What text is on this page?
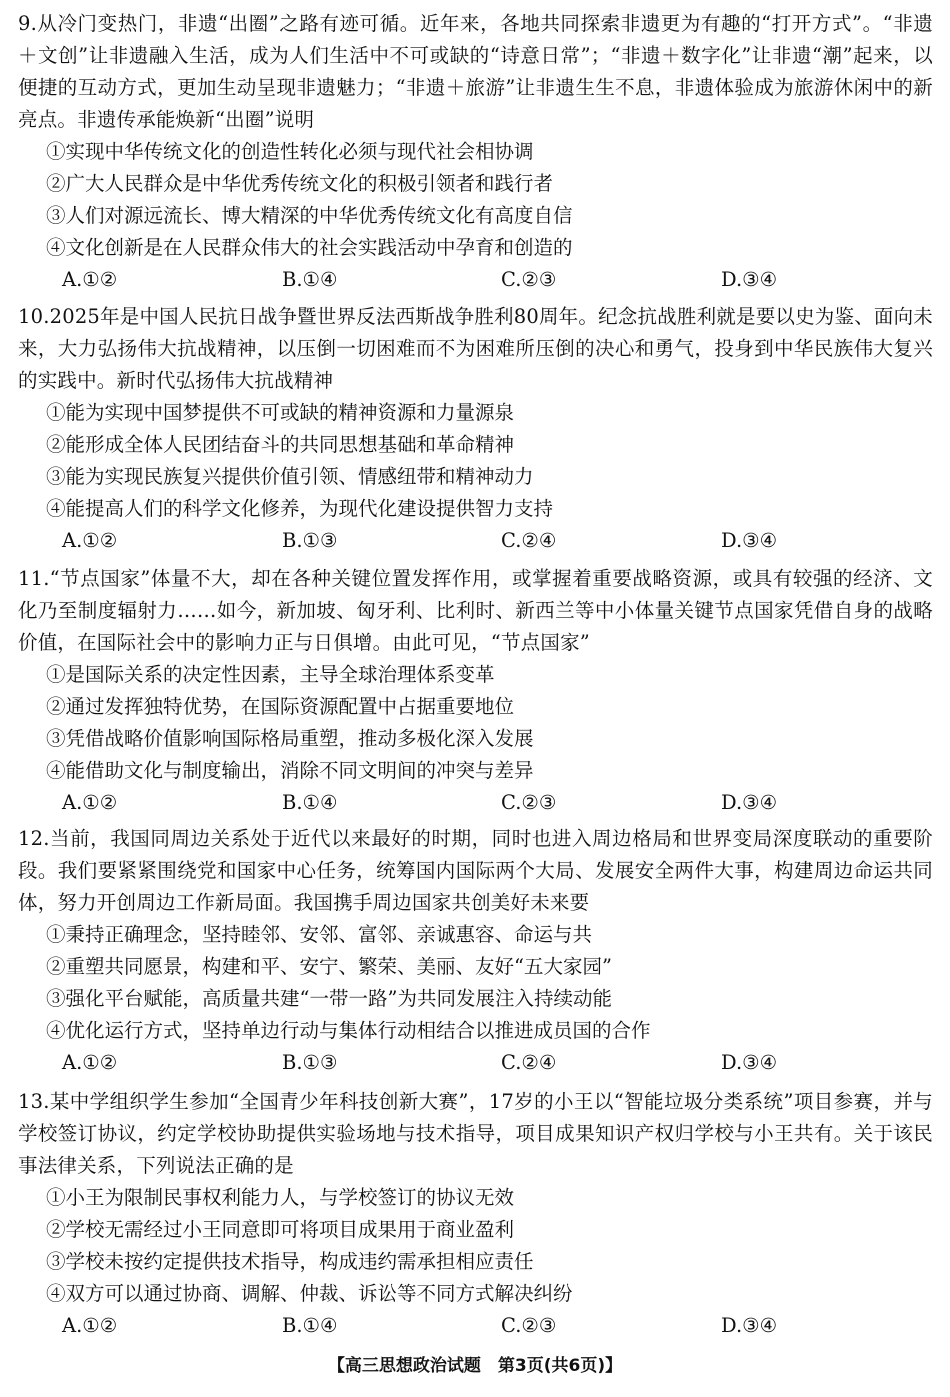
9.从冷门变热门，非遗“出圈”之路有迹可循。近年来，各地共同探索非遗更为有趣的“打开方式”。“非遗＋文创”让非遗融入生活，成为人们生活中不可或缺的“诗意日常”；“非遗＋数字化”让非遗“潮”起来，以便捷的互动方式，更加生动呈现非遗魅力；“非遗＋旅游”让非遗生生不息，非遗体验成为旅游休闲中的新亮点。非遗传承能焕新“出圈”说明

①实现中华传统文化的创造性转化必须与现代社会相协调

②广大人民群众是中华优秀传统文化的积极引领者和践行者

③人们对源远流长、博大精深的中华优秀传统文化有高度自信

④文化创新是在人民群众伟大的社会实践活动中孕育和创造的

A.①②	B.①④	C.②③	D.③④

10.2025年是中国人民抗日战争暨世界反法西斯战争胜利80周年。纪念抗战胜利就是要以史为鉴、面向未来，大力弘扬伟大抗战精神，以压倒一切困难而不为困难所压倒的决心和勇气，投身到中华民族伟大复兴的实践中。新时代弘扬伟大抗战精神

①能为实现中国梦提供不可或缺的精神资源和力量源泉

②能形成全体人民团结奋斗的共同思想基础和革命精神

③能为实现民族复兴提供价值引领、情感纽带和精神动力

④能提高人们的科学文化修养，为现代化建设提供智力支持

A.①②	B.①③	C.②④	D.③④

11.“节点国家”体量不大，却在各种关键位置发挥作用，或掌握着重要战略资源，或具有较强的经济、文化乃至制度辐射力……如今，新加坡、匈牙利、比利时、新西兰等中小体量关键节点国家凭借自身的战略价值，在国际社会中的影响力正与日俱增。由此可见，“节点国家”

①是国际关系的决定性因素，主导全球治理体系变革

②通过发挥独特优势，在国际资源配置中占据重要地位

③凭借战略价值影响国际格局重塑，推动多极化深入发展

④能借助文化与制度输出，消除不同文明间的冲突与差异

A.①②	B.①④	C.②③	D.③④

12.当前，我国同周边关系处于近代以来最好的时期，同时也进入周边格局和世界变局深度联动的重要阶段。我们要紧紧围绕党和国家中心任务，统筹国内国际两个大局、发展安全两件大事，构建周边命运共同体，努力开创周边工作新局面。我国携手周边国家共创美好未来要

①秉持正确理念，坚持睦邻、安邻、富邻、亲诚惠容、命运与共

②重塑共同愿景，构建和平、安宁、繁荣、美丽、友好“五大家园”

③强化平台赋能，高质量共建“一带一路”为共同发展注入持续动能

④优化运行方式，坚持单边行动与集体行动相结合以推进成员国的合作

A.①②	B.①③	C.②④	D.③④

13.某中学组织学生参加“全国青少年科技创新大赛”，17岁的小王以“智能垃圾分类系统”项目参赛，并与学校签订协议，约定学校协助提供实验场地与技术指导，项目成果知识产权归学校与小王共有。关于该民事法律关系，下列说法正确的是

①小王为限制民事权利能力人，与学校签订的协议无效

②学校无需经过小王同意即可将项目成果用于商业盈利

③学校未按约定提供技术指导，构成违约需承担相应责任

④双方可以通过协商、调解、仲裁、诉讼等不同方式解决纠纷

A.①②	B.①④	C.②③	D.③④
【高三思想政治试题　第3页(共6页)】
